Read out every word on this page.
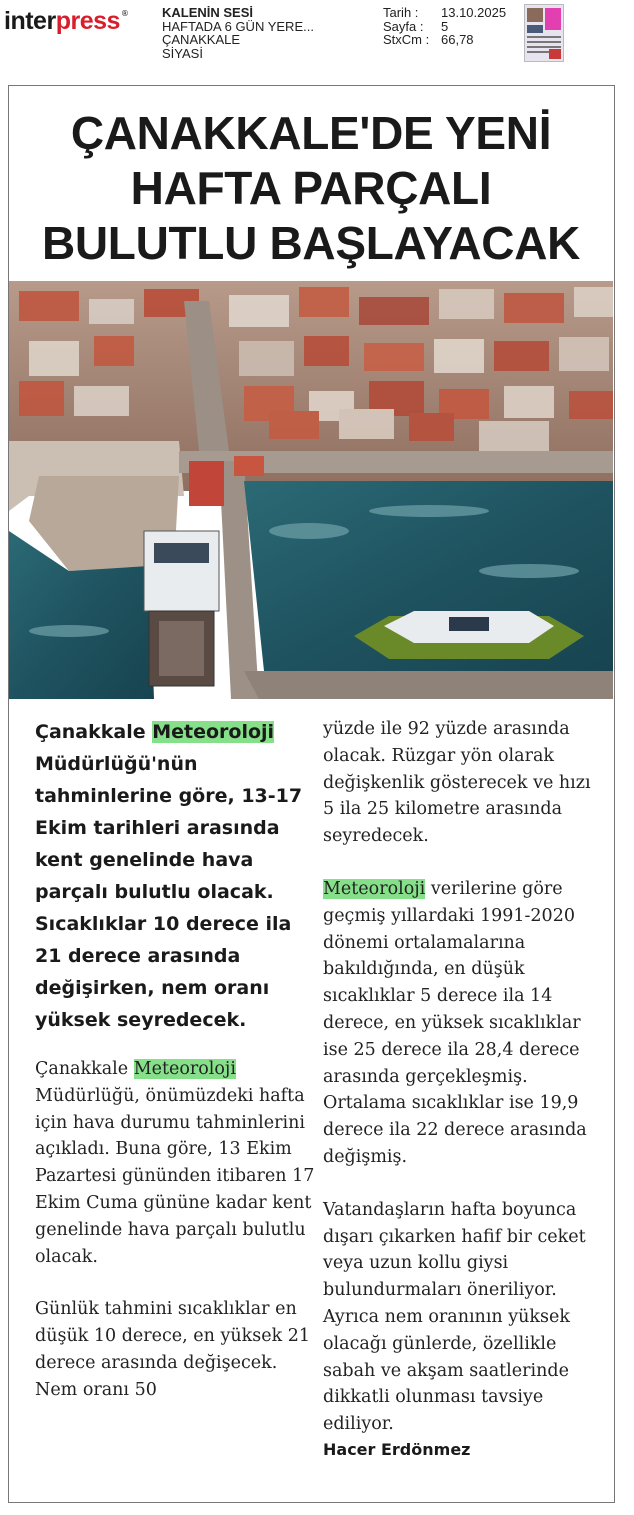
interpress ®	KALENİN SESİ
HAFTADA 6 GÜN YERE...
ÇANAKKALE
SİYASİ
Tarih :	13.10.2025
Sayfa :	5
StxCm : 66,78
ÇANAKKALE'DE YENİ
HAFTA PARÇALI
BULUTLU BAŞLAYACAK

Çanakkale Meteoroloji Müdürlüğü'nün tahminlerine göre, 13-17 Ekim tarihleri arasında kent genelinde hava parçalı bulutlu olacak. Sıcaklıklar 10 derece ila 21 derece arasında değişirken, nem oranı yüksek seyredecek.

Çanakkale Meteoroloji Müdürlüğü, önümüzdeki hafta için hava durumu tahminlerini açıkladı. Buna göre, 13 Ekim Pazartesi gününden itibaren 17 Ekim Cuma gününe kadar kent genelinde hava parçalı bulutlu olacak.

Günlük tahmini sıcaklıklar en düşük 10 derece, en yüksek 21 derece arasında değişecek. Nem oranı 50

yüzde ile 92 yüzde arasında olacak. Rüzgar yön olarak değişkenlik gösterecek ve hızı 5 ila 25 kilometre arasında seyredecek.

Meteoroloji verilerine göre geçmiş yıllardaki 1991-2020 dönemi ortalamalarına bakıldığında, en düşük sıcaklıklar 5 derece ila 14 derece, en yüksek sıcaklıklar ise 25 derece ila 28,4 derece arasında gerçekleşmiş. Ortalama sıcaklıklar ise 19,9 derece ila 22 derece arasında değişmiş.

Vatandaşların hafta boyunca dışarı çıkarken hafif bir ceket veya uzun kollu giysi bulundurmaları öneriliyor. Ayrıca nem oranının yüksek olacağı günlerde, özellikle sabah ve akşam saatlerinde dikkatli olunması tavsiye ediliyor.

Hacer Erdönmez
